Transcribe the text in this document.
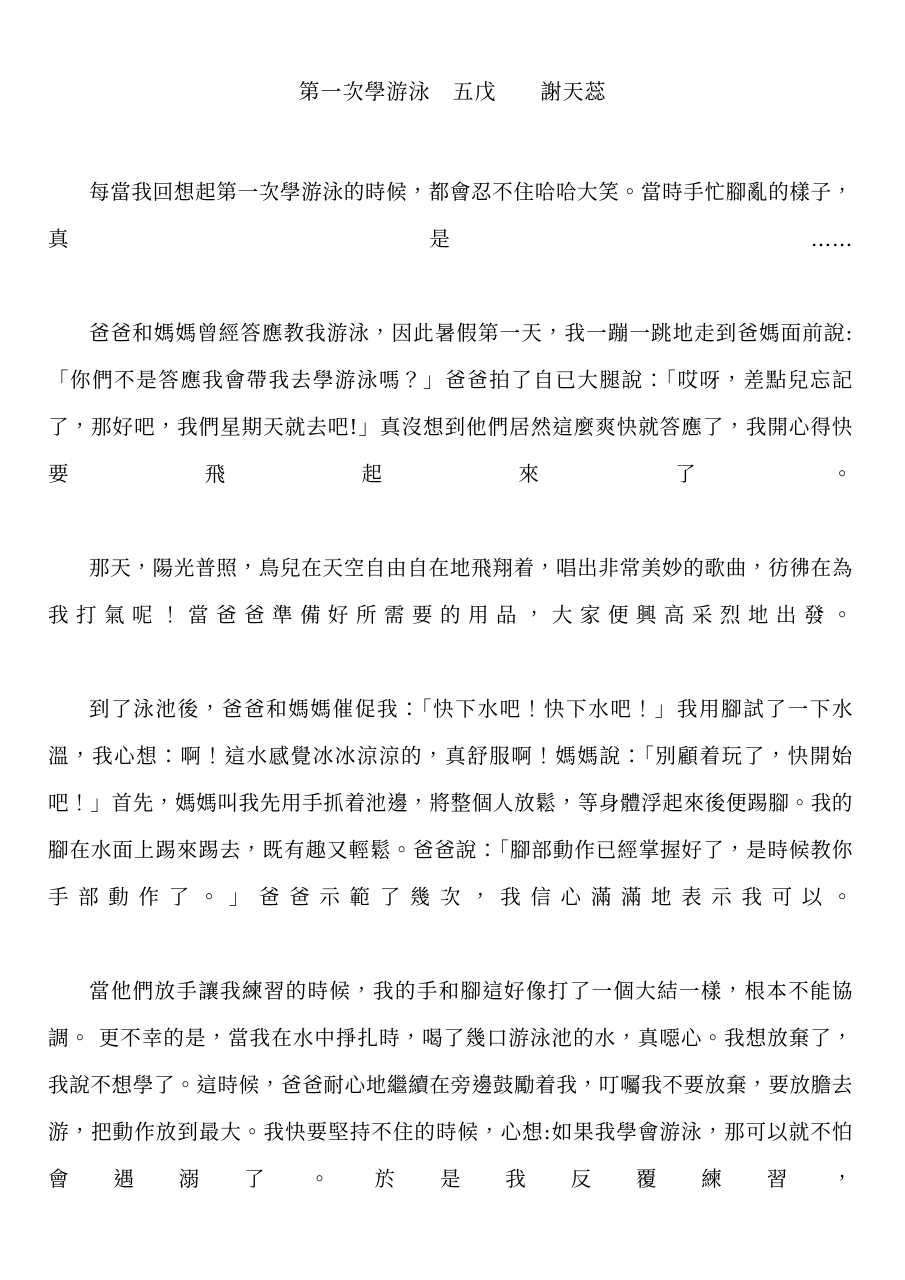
第一次學游泳　五戊　　謝天蕊

每當我回想起第一次學游泳的時候，都會忍不住哈哈大笑。當時手忙腳亂的樣子，真是……

爸爸和媽媽曾經答應教我游泳，因此暑假第一天，我一蹦一跳地走到爸媽面前說:「你們不是答應我會帶我去學游泳嗎？」爸爸拍了自已大腿說：「哎呀，差點兒忘記了，那好吧，我們星期天就去吧!」真沒想到他們居然這麼爽快就答應了，我開心得快要飛起來了。

那天，陽光普照，鳥兒在天空自由自在地飛翔着，唱出非常美妙的歌曲，彷彿在為我打氣呢！當爸爸準備好所需要的用品，大家便興高采烈地出發。

到了泳池後，爸爸和媽媽催促我：「快下水吧！快下水吧！」我用腳試了一下水溫，我心想：啊！這水感覺冰冰涼涼的，真舒服啊！媽媽說：「別顧着玩了，快開始吧！」首先，媽媽叫我先用手抓着池邊，將整個人放鬆，等身體浮起來後便踢腳。我的腳在水面上踢來踢去，既有趣又輕鬆。爸爸說：「腳部動作已經掌握好了，是時候教你手部動作了。」爸爸示範了幾次，我信心滿滿地表示我可以。

當他們放手讓我練習的時候，我的手和腳這好像打了一個大結一樣，根本不能協調。 更不幸的是，當我在水中掙扎時，喝了幾口游泳池的水，真噁心。我想放棄了，我說不想學了。這時候，爸爸耐心地繼續在旁邊鼓勵着我，叮囑我不要放棄，要放膽去游，把動作放到最大。我快要堅持不住的時候，心想:如果我學會游泳，那可以就不怕會遇溺了。於是我反覆練習，
